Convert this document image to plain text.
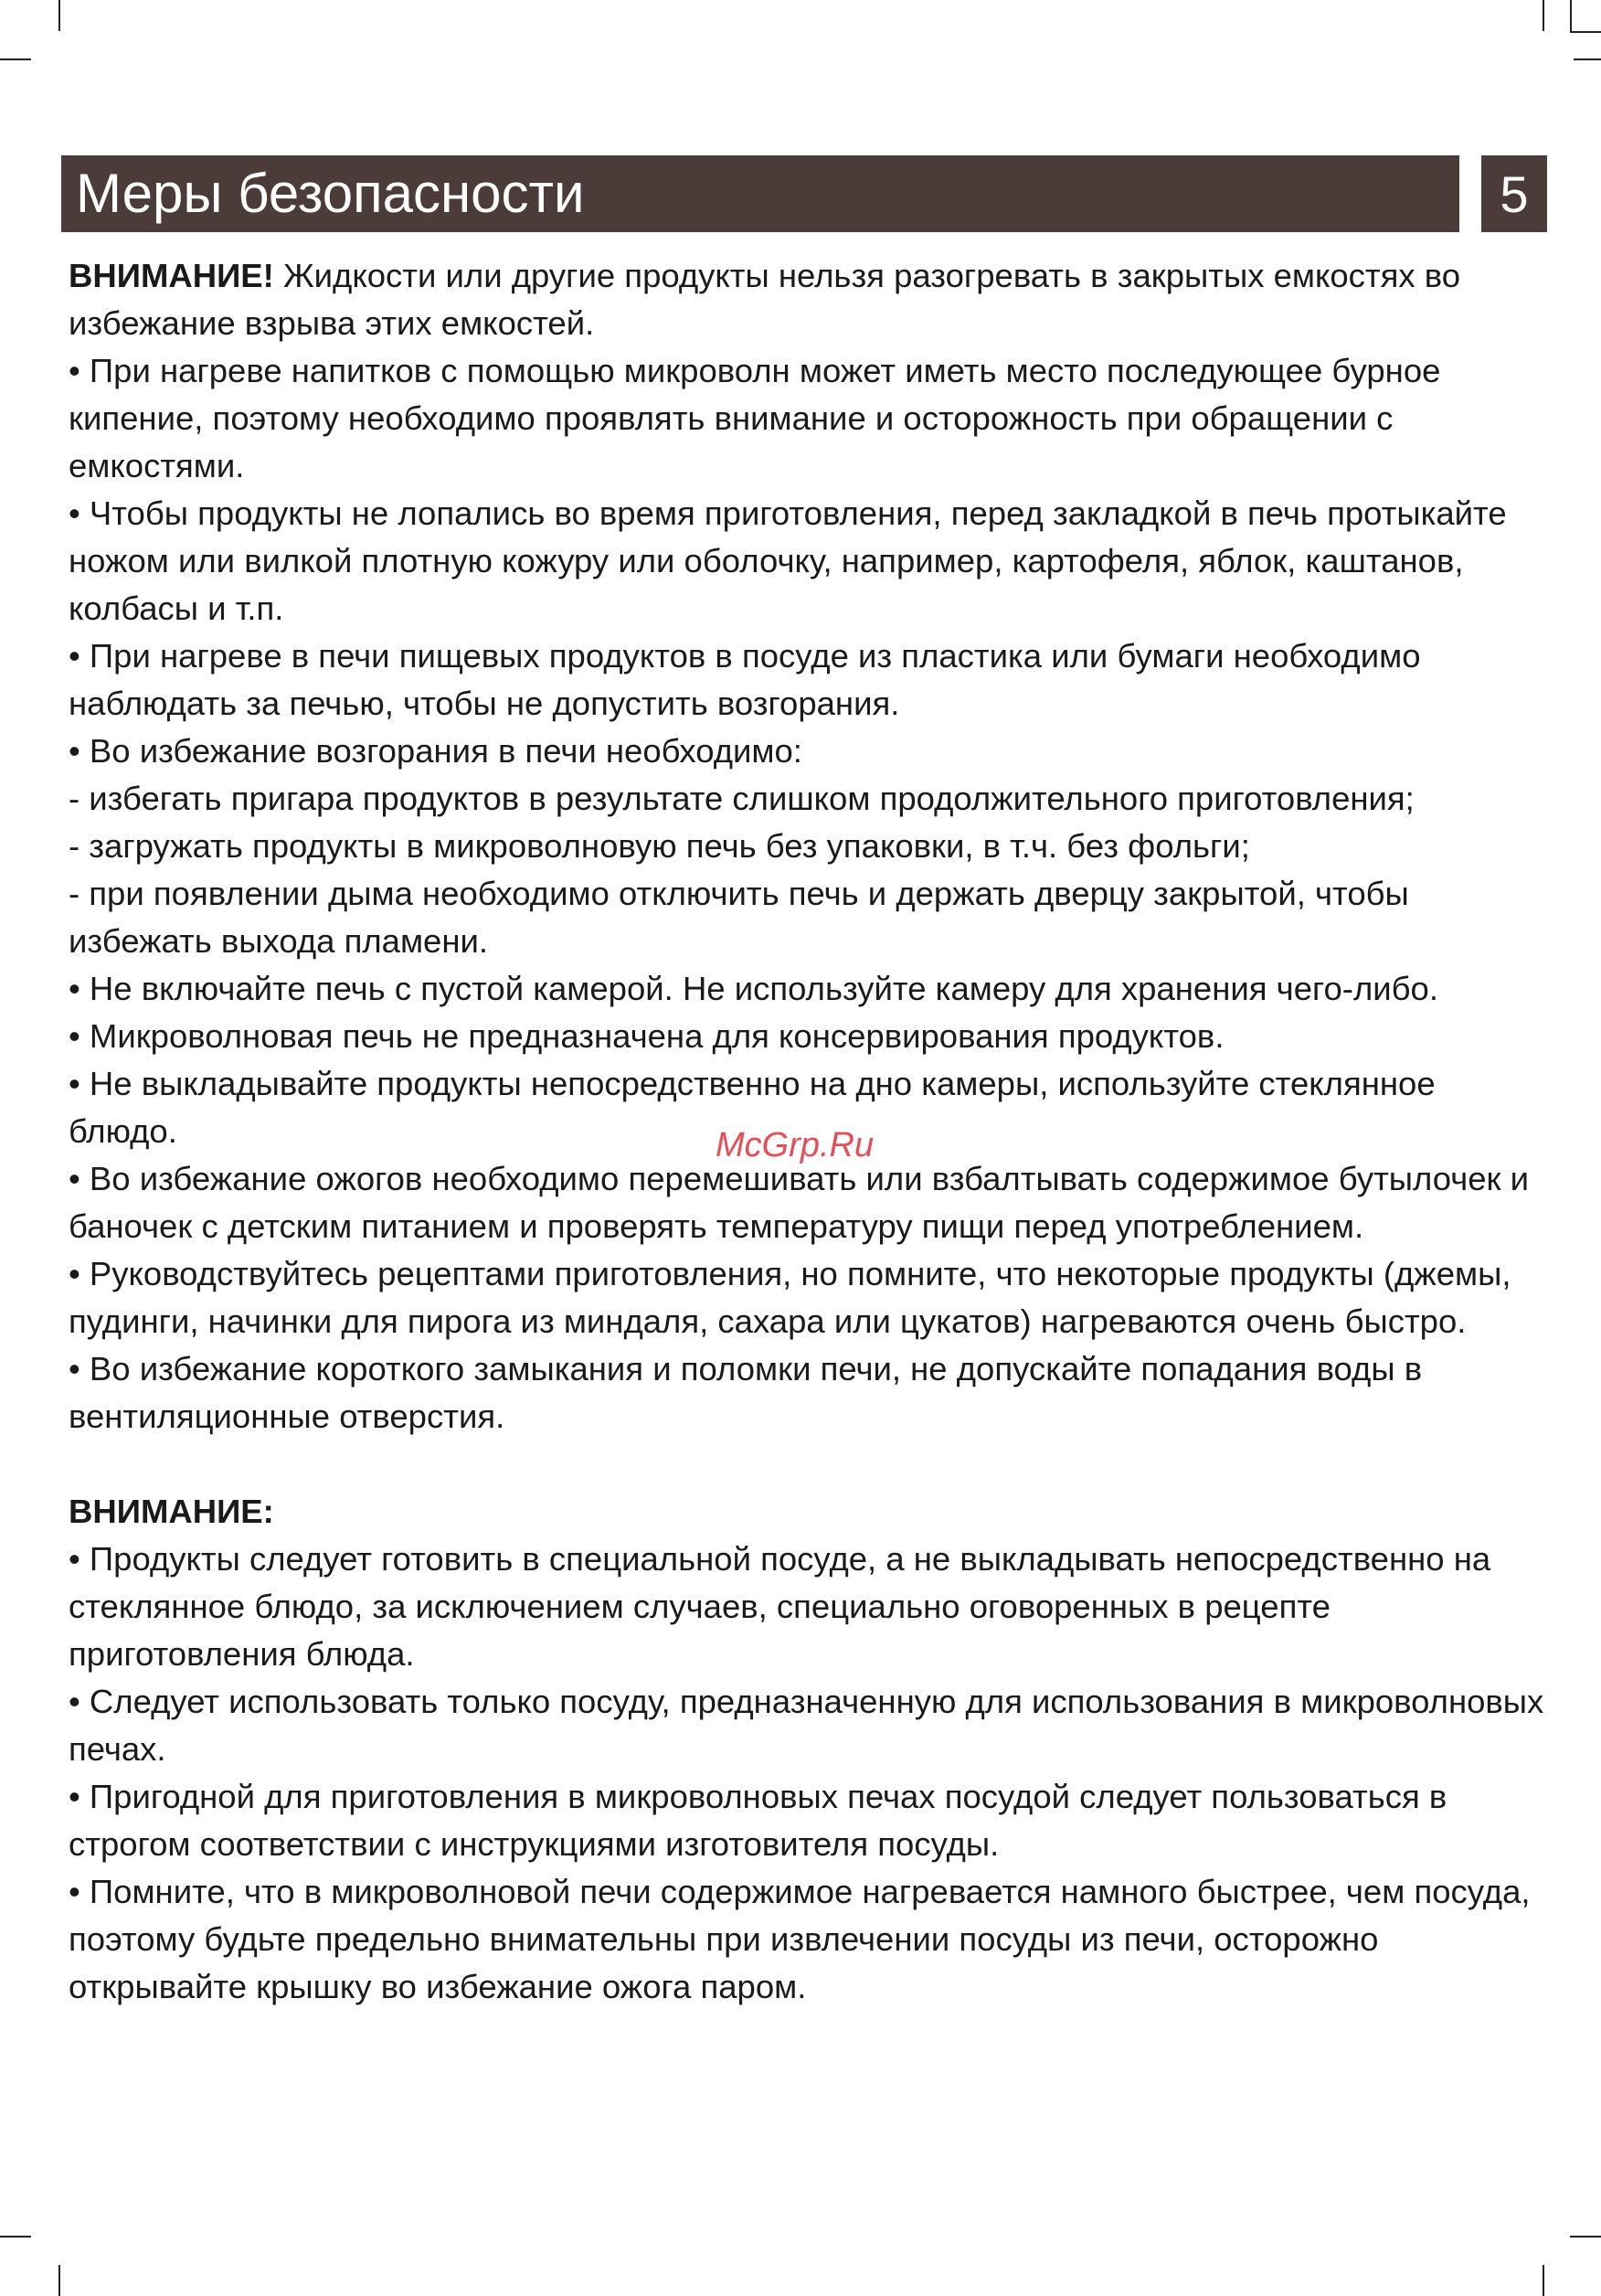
Меры безопасности	5

ВНИМАНИЕ! Жидкости или другие продукты нельзя разогревать в закрытых емкостях во избежание взрыва этих емкостей.

• При нагреве напитков с помощью микроволн может иметь место последующее бурное кипение, поэтому необходимо проявлять внимание и осторожность при обращении с емкостями.

• Чтобы продукты не лопались во время приготовления, перед закладкой в печь протыкайте ножом или вилкой плотную кожуру или оболочку, например, картофеля, яблок, каштанов, колбасы и т.п.

• При нагреве в печи пищевых продуктов в посуде из пластика или бумаги необходимо наблюдать за печью, чтобы не допустить возгорания.

• Во избежание возгорания в печи необходимо:

- избегать пригара продуктов в результате слишком продолжительного приготовления;

- загружать продукты в микроволновую печь без упаковки, в т.ч. без фольги;

- при появлении дыма необходимо отключить печь и держать дверцу закрытой, чтобы избежать выхода пламени.

• Не включайте печь с пустой камерой. Не используйте камеру для хранения чего-либо.

• Микроволновая печь не предназначена для консервирования продуктов.

• Не выкладывайте продукты непосредственно на дно камеры, используйте стеклянное блюдо.

• Во избежание ожогов необходимо перемешивать или взбалтывать содержимое бутылочек и баночек с детским питанием и проверять температуру пищи перед употреблением.

• Руководствуйтесь рецептами приготовления, но помните, что некоторые продукты (джемы, пудинги, начинки для пирога из миндаля, сахара или цукатов) нагреваются очень быстро.

• Во избежание короткого замыкания и поломки печи, не допускайте попадания воды в вентиляционные отверстия.

ВНИМАНИЕ:

• Продукты следует готовить в специальной посуде, а не выкладывать непосредственно на стеклянное блюдо, за исключением случаев, специально оговоренных в рецепте приготовления блюда.

• Следует использовать только посуду, предназначенную для использования в микроволновых печах.

• Пригодной для приготовления в микроволновых печах посудой следует пользоваться в строгом соответствии с инструкциями изготовителя посуды.

• Помните, что в микроволновой печи содержимое нагревается намного быстрее, чем посуда, поэтому будьте предельно внимательны при извлечении посуды из печи, осторожно открывайте крышку во избежание ожога паром.

McGrp.Ru
